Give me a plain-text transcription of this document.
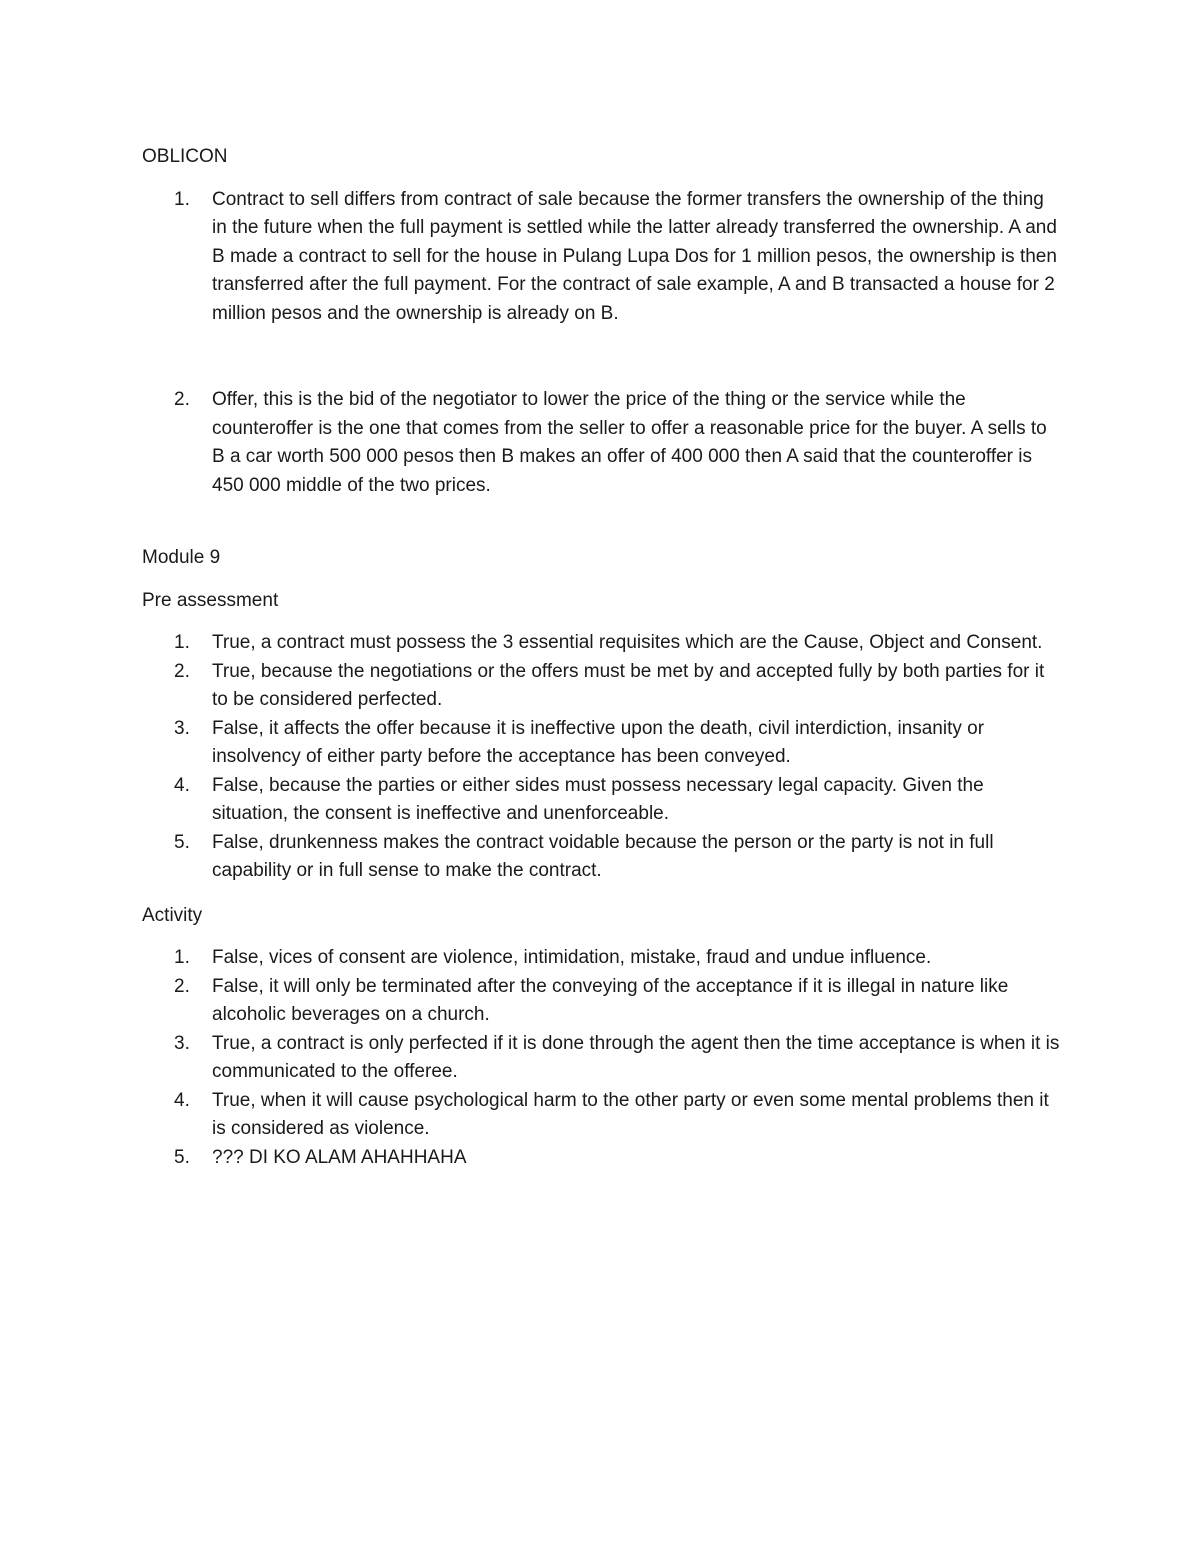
OBLICON

1. Contract to sell differs from contract of sale because the former transfers the ownership of the thing in the future when the full payment is settled while the latter already transferred the ownership. A and B made a contract to sell for the house in Pulang Lupa Dos for 1 million pesos, the ownership is then transferred after the full payment. For the contract of sale example, A and B transacted a house for 2 million pesos and the ownership is already on B.
2. Offer, this is the bid of the negotiator to lower the price of the thing or the service while the counteroffer is the one that comes from the seller to offer a reasonable price for the buyer. A sells to B a car worth 500 000 pesos then B makes an offer of 400 000 then A said that the counteroffer is 450 000 middle of the two prices.

Module 9

Pre assessment

1. True, a contract must possess the 3 essential requisites which are the Cause, Object and Consent.
2. True, because the negotiations or the offers must be met by and accepted fully by both parties for it to be considered perfected.
3. False, it affects the offer because it is ineffective upon the death, civil interdiction, insanity or insolvency of either party before the acceptance has been conveyed.
4. False, because the parties or either sides must possess necessary legal capacity. Given the situation, the consent is ineffective and unenforceable.
5. False, drunkenness makes the contract voidable because the person or the party is not in full capability or in full sense to make the contract.

Activity

1. False, vices of consent are violence, intimidation, mistake, fraud and undue influence.
2. False, it will only be terminated after the conveying of the acceptance if it is illegal in nature like alcoholic beverages on a church.
3. True, a contract is only perfected if it is done through the agent then the time acceptance is when it is communicated to the offeree.
4. True, when it will cause psychological harm to the other party or even some mental problems then it is considered as violence.
5. ??? DI KO ALAM AHAHHAHA
